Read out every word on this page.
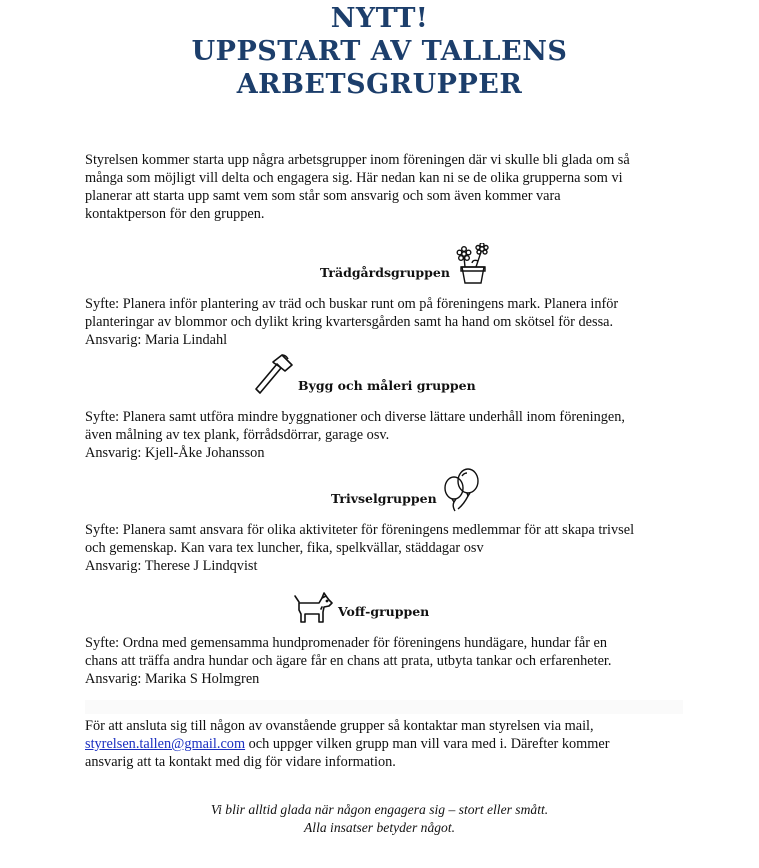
NYTT!
UPPSTART AV TALLENS
ARBETSGRUPPER
Styrelsen kommer starta upp några arbetsgrupper inom föreningen där vi skulle bli glada om så
många som möjligt vill delta och engagera sig. Här nedan kan ni se de olika grupperna som vi
planerar att starta upp samt vem som står som ansvarig och som även kommer vara
kontaktperson för den gruppen.
Trädgårdsgruppen
Syfte: Planera inför plantering av träd och buskar runt om på föreningens mark. Planera inför
planteringar av blommor och dylikt kring kvartersgården samt ha hand om skötsel för dessa.
Ansvarig: Maria Lindahl
Bygg och måleri gruppen
Syfte: Planera samt utföra mindre byggnationer och diverse lättare underhåll inom föreningen,
även målning av tex plank, förrådsdörrar, garage osv.
Ansvarig: Kjell-Åke Johansson
Trivselgruppen
Syfte: Planera samt ansvara för olika aktiviteter för föreningens medlemmar för att skapa trivsel
och gemenskap. Kan vara tex luncher, fika, spelkvällar, städdagar osv
Ansvarig: Therese J Lindqvist
Voff-gruppen
Syfte: Ordna med gemensamma hundpromenader för föreningens hundägare, hundar får en
chans att träffa andra hundar och ägare får en chans att prata, utbyta tankar och erfarenheter.
Ansvarig: Marika S Holmgren
För att ansluta sig till någon av ovanstående grupper så kontaktar man styrelsen via mail,
styrelsen.tallen@gmail.com och uppger vilken grupp man vill vara med i. Därefter kommer
ansvarig att ta kontakt med dig för vidare information.
Vi blir alltid glada när någon engagera sig – stort eller smått.
Alla insatser betyder något.
